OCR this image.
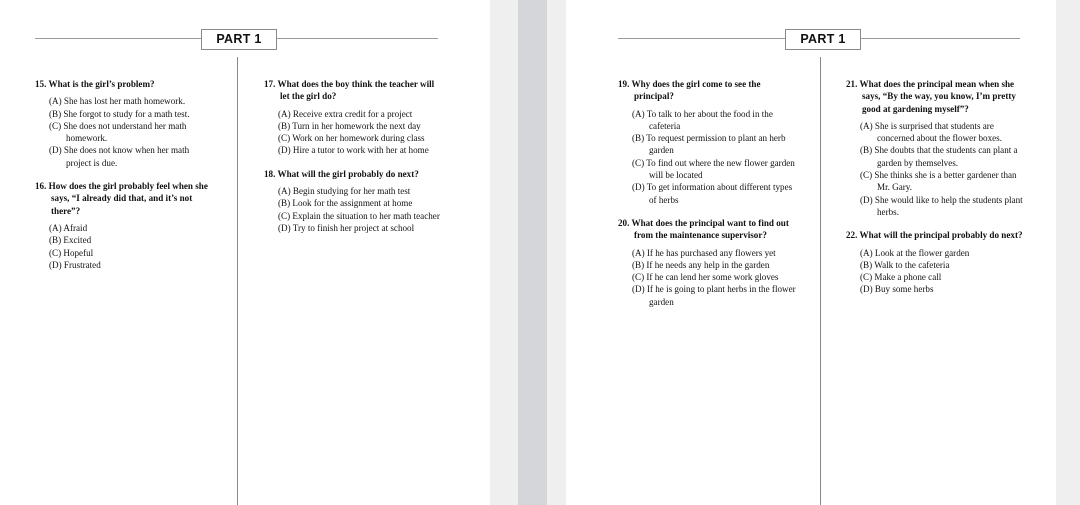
PART 1
15. What is the girl’s problem?
(A) She has lost her math homework.
(B) She forgot to study for a math test.
(C) She does not understand her math homework.
(D) She does not know when her math project is due.
16. How does the girl probably feel when she says, “I already did that, and it’s not there”?
(A) Afraid
(B) Excited
(C) Hopeful
(D) Frustrated
17. What does the boy think the teacher will let the girl do?
(A) Receive extra credit for a project
(B) Turn in her homework the next day
(C) Work on her homework during class
(D) Hire a tutor to work with her at home
18. What will the girl probably do next?
(A) Begin studying for her math test
(B) Look for the assignment at home
(C) Explain the situation to her math teacher
(D) Try to finish her project at school
PART 1
19. Why does the girl come to see the principal?
(A) To talk to her about the food in the cafeteria
(B) To request permission to plant an herb garden
(C) To find out where the new flower garden will be located
(D) To get information about different types of herbs
20. What does the principal want to find out from the maintenance supervisor?
(A) If he has purchased any flowers yet
(B) If he needs any help in the garden
(C) If he can lend her some work gloves
(D) If he is going to plant herbs in the flower garden
21. What does the principal mean when she says, “By the way, you know, I’m pretty good at gardening myself”?
(A) She is surprised that students are concerned about the flower boxes.
(B) She doubts that the students can plant a garden by themselves.
(C) She thinks she is a better gardener than Mr. Gary.
(D) She would like to help the students plant herbs.
22. What will the principal probably do next?
(A) Look at the flower garden
(B) Walk to the cafeteria
(C) Make a phone call
(D) Buy some herbs
